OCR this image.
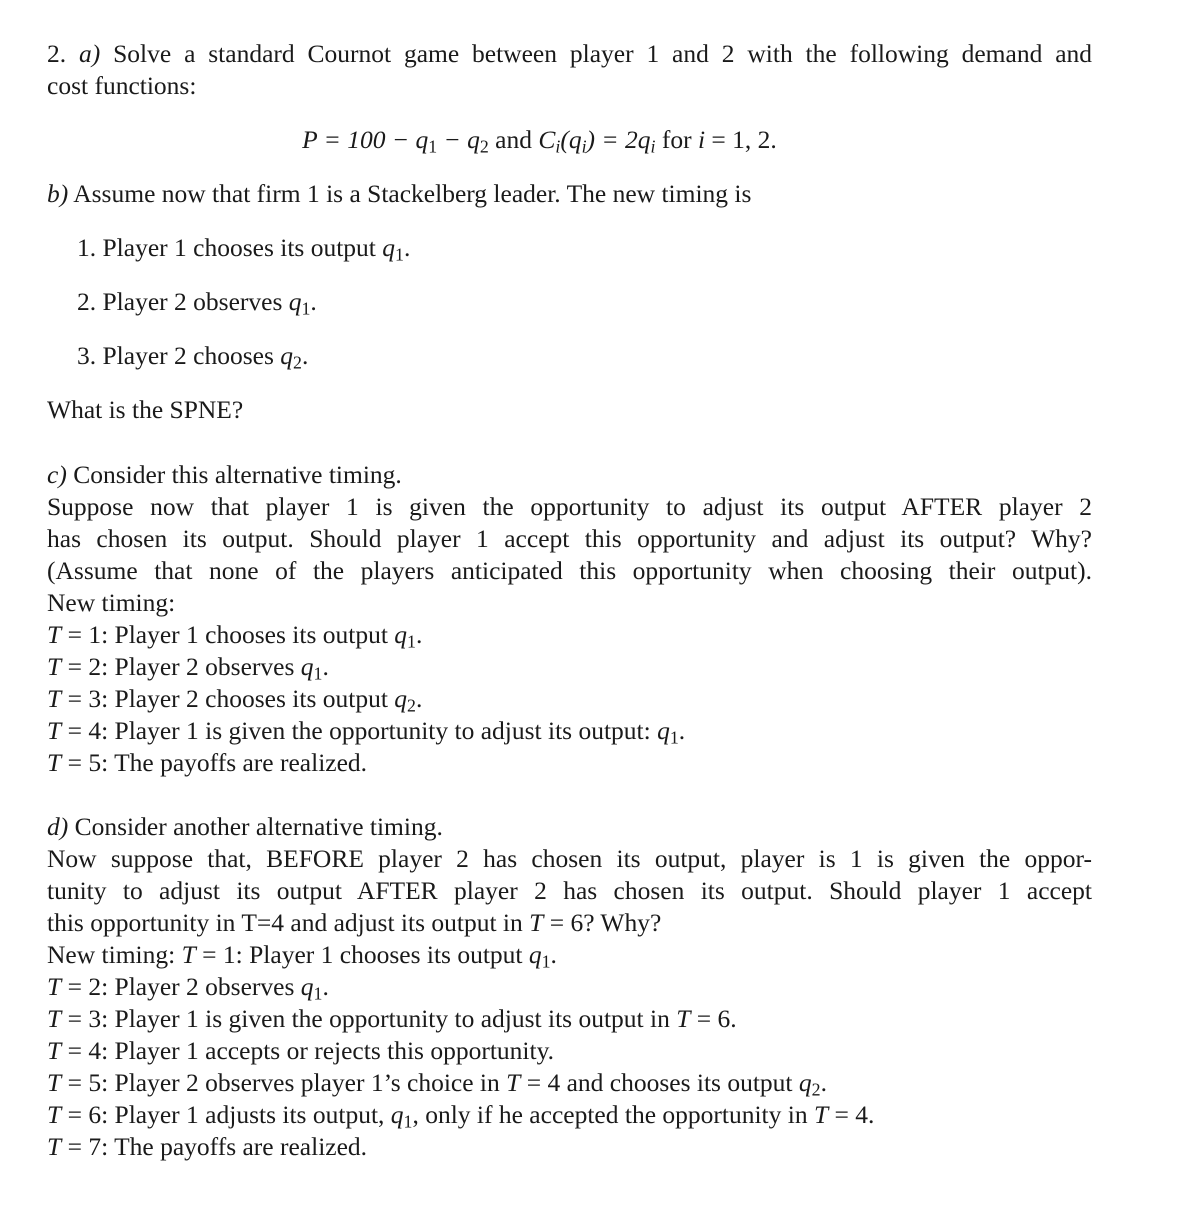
2. a) Solve a standard Cournot game between player 1 and 2 with the following demand and

cost functions:

$P = 100 - q_1 - q_2$ and $C_i(q_i) = 2q_i$ for i = 1, 2.

b) Assume now that firm 1 is a Stackelberg leader. The new timing is

1. Player 1 chooses its output $q_1$.
2. Player 2 observes $q_1$.
3. Player 2 chooses $q_2$.

What is the SPNE?

c) Consider this alternative timing.

Suppose now that player 1 is given the opportunity to adjust its output AFTER player 2

has chosen its output. Should player 1 accept this opportunity and adjust its output? Why?

(Assume that none of the players anticipated this opportunity when choosing their output).

New timing:

T = 1: Player 1 chooses its output $q_1$.

T = 2: Player 2 observes $q_1$.

T = 3: Player 2 chooses its output $q_2$.

T = 4: Player 1 is given the opportunity to adjust its output: $q_1$.

T = 5: The payoffs are realized.

d) Consider another alternative timing.

Now suppose that, BEFORE player 2 has chosen its output, player is 1 is given the oppor-

tunity to adjust its output AFTER player 2 has chosen its output. Should player 1 accept

this opportunity in T=4 and adjust its output in T = 6? Why?

New timing: T = 1: Player 1 chooses its output $q_1$.

T = 2: Player 2 observes $q_1$.

T = 3: Player 1 is given the opportunity to adjust its output in T = 6.

T = 4: Player 1 accepts or rejects this opportunity.

T = 5: Player 2 observes player 1’s choice in T = 4 and chooses its output $q_2$.

T = 6: Player 1 adjusts its output, $q_1$, only if he accepted the opportunity in T = 4.

T = 7: The payoffs are realized.
